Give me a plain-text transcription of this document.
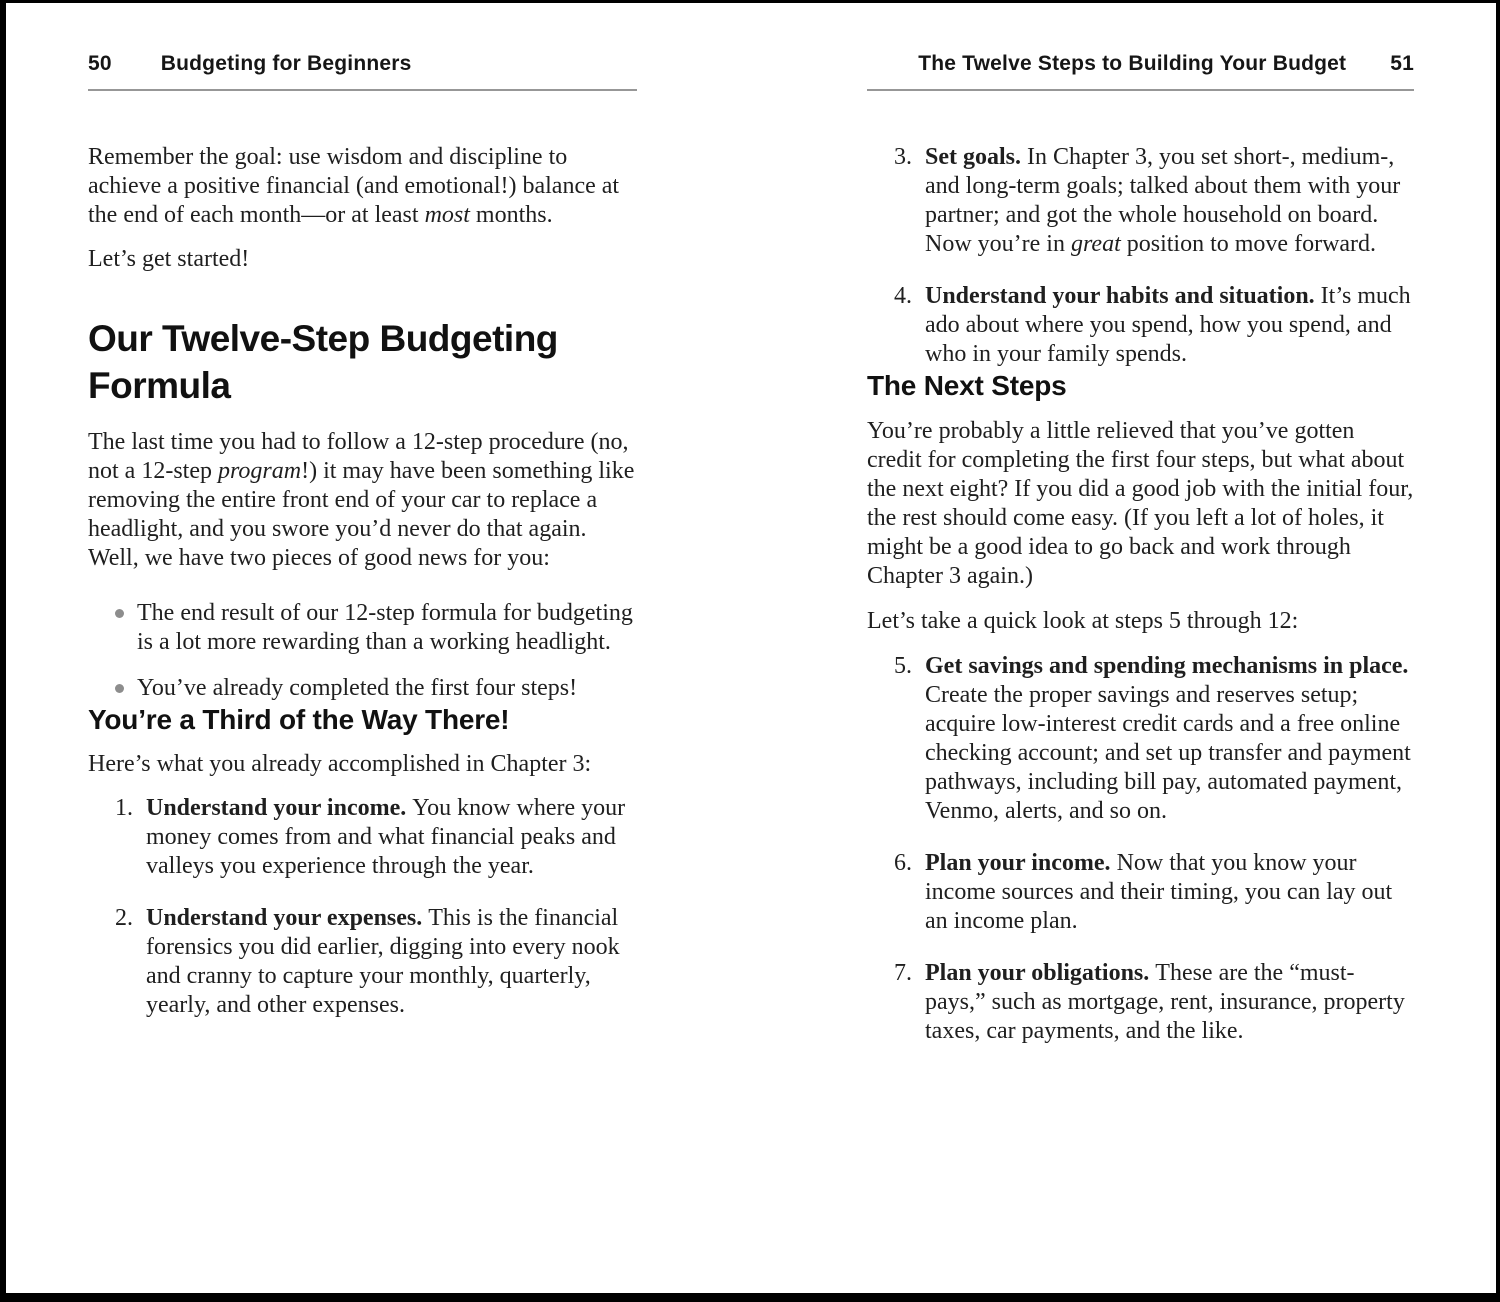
50 Budgeting for Beginners

Remember the goal: use wisdom and discipline to achieve a positive financial (and emotional!) balance at the end of each month—or at least most months.

Let’s get started!

Our Twelve-Step Budgeting Formula

The last time you had to follow a 12-step procedure (no, not a 12-step program!) it may have been something like removing the entire front end of your car to replace a headlight, and you swore you’d never do that again. Well, we have two pieces of good news for you:

The end result of our 12-step formula for budgeting is a lot more rewarding than a working headlight.

You’ve already completed the first four steps!

You’re a Third of the Way There!

Here’s what you already accomplished in Chapter 3:

1. Understand your income. You know where your money comes from and what financial peaks and valleys you experience through the year.

2. Understand your expenses. This is the financial forensics you did earlier, digging into every nook and cranny to capture your monthly, quarterly, yearly, and other expenses.

The Twelve Steps to Building Your Budget 51
3. Set goals. In Chapter 3, you set short-, medium-, and long-term goals; talked about them with your partner; and got the whole household on board. Now you’re in great position to move forward.

4. Understand your habits and situation. It’s much ado about where you spend, how you spend, and who in your family spends.

The Next Steps

You’re probably a little relieved that you’ve gotten credit for completing the first four steps, but what about the next eight? If you did a good job with the initial four, the rest should come easy. (If you left a lot of holes, it might be a good idea to go back and work through Chapter 3 again.)

Let’s take a quick look at steps 5 through 12:

5. Get savings and spending mechanisms in place. Create the proper savings and reserves setup; acquire low-interest credit cards and a free online checking account; and set up transfer and payment pathways, including bill pay, automated payment, Venmo, alerts, and so on.

6. Plan your income. Now that you know your income sources and their timing, you can lay out an income plan.

7. Plan your obligations. These are the “must-pays,” such as mortgage, rent, insurance, property taxes, car payments, and the like.
